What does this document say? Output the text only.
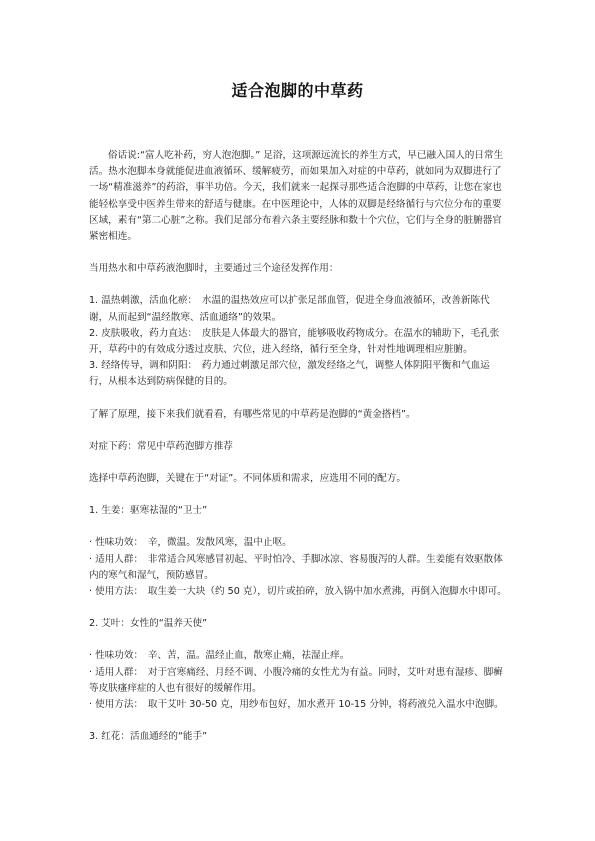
适合泡脚的中草药

俗话说:“富人吃补药，穷人泡泡脚。” 足浴，这项源远流长的养生方式，早已融入国人的日常生活。热水泡脚本身就能促进血液循环、缓解疲劳，而如果加入对症的中草药，就如同为双脚进行了一场“精准滋养”的药浴，事半功倍。今天，我们就来一起探寻那些适合泡脚的中草药，让您在家也能轻松享受中医养生带来的舒适与健康。在中医理论中，人体的双脚是经络循行与穴位分布的重要区域，素有“第二心脏”之称。我们足部分布着六条主要经脉和数十个穴位，它们与全身的脏腑器官紧密相连。

当用热水和中草药液泡脚时，主要通过三个途径发挥作用：

1. 温热刺激，活血化瘀：　水温的温热效应可以扩张足部血管，促进全身血液循环，改善新陈代谢，从而起到“温经散寒、活血通络”的效果。

2. 皮肤吸收，药力直达：　皮肤是人体最大的器官，能够吸收药物成分。在温水的辅助下，毛孔张开，草药中的有效成分透过皮肤、穴位，进入经络，循行至全身，针对性地调理相应脏腑。

3. 经络传导，调和阴阳：　药力通过刺激足部穴位，激发经络之气，调整人体阴阳平衡和气血运行，从根本达到防病保健的目的。

了解了原理，接下来我们就看看，有哪些常见的中草药是泡脚的“黄金搭档”。

对症下药：常见中草药泡脚方推荐

选择中草药泡脚，关键在于“对证”。不同体质和需求，应选用不同的配方。

1. 生姜：驱寒祛湿的“卫士”

· 性味功效：　辛，微温。发散风寒，温中止呕。

· 适用人群：　非常适合风寒感冒初起、平时怕冷、手脚冰凉、容易腹泻的人群。生姜能有效驱散体内的寒气和湿气，预防感冒。

· 使用方法：　取生姜一大块（约 50 克），切片或拍碎，放入锅中加水煮沸，再倒入泡脚水中即可。

2. 艾叶：女性的“温养天使”

· 性味功效：　辛、苦，温。温经止血，散寒止痛，祛湿止痒。

· 适用人群：　对于宫寒痛经、月经不调、小腹冷痛的女性尤为有益。同时，艾叶对患有湿疹、脚癣等皮肤瘙痒症的人也有很好的缓解作用。

· 使用方法：　取干艾叶 30-50 克，用纱布包好，加水煮开 10-15 分钟，将药液兑入温水中泡脚。

3. 红花：活血通经的“能手”
